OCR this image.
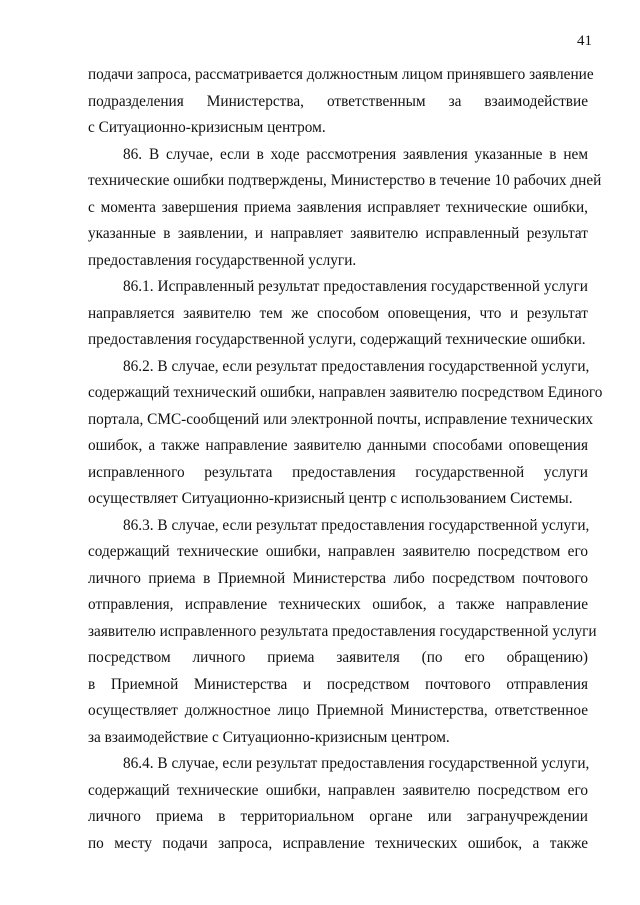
41
подачи запроса, рассматривается должностным лицом принявшего заявление
подразделения Министерства, ответственным за взаимодействие
с Ситуационно-кризисным центром.
86. В случае, если в ходе рассмотрения заявления указанные в нем
технические ошибки подтверждены, Министерство в течение 10 рабочих дней
с момента завершения приема заявления исправляет технические ошибки,
указанные в заявлении, и направляет заявителю исправленный результат
предоставления государственной услуги.
86.1. Исправленный результат предоставления государственной услуги
направляется заявителю тем же способом оповещения, что и результат
предоставления государственной услуги, содержащий технические ошибки.
86.2. В случае, если результат предоставления государственной услуги,
содержащий технический ошибки, направлен заявителю посредством Единого
портала, СМС-сообщений или электронной почты, исправление технических
ошибок, а также направление заявителю данными способами оповещения
исправленного результата предоставления государственной услуги
осуществляет Ситуационно-кризисный центр с использованием Системы.
86.3. В случае, если результат предоставления государственной услуги,
содержащий технические ошибки, направлен заявителю посредством его
личного приема в Приемной Министерства либо посредством почтового
отправления, исправление технических ошибок, а также направление
заявителю исправленного результата предоставления государственной услуги
посредством личного приема заявителя (по его обращению)
в Приемной Министерства и посредством почтового отправления
осуществляет должностное лицо Приемной Министерства, ответственное
за взаимодействие с Ситуационно-кризисным центром.
86.4. В случае, если результат предоставления государственной услуги,
содержащий технические ошибки, направлен заявителю посредством его
личного приема в территориальном органе или загранучреждении
по месту подачи запроса, исправление технических ошибок, а также
